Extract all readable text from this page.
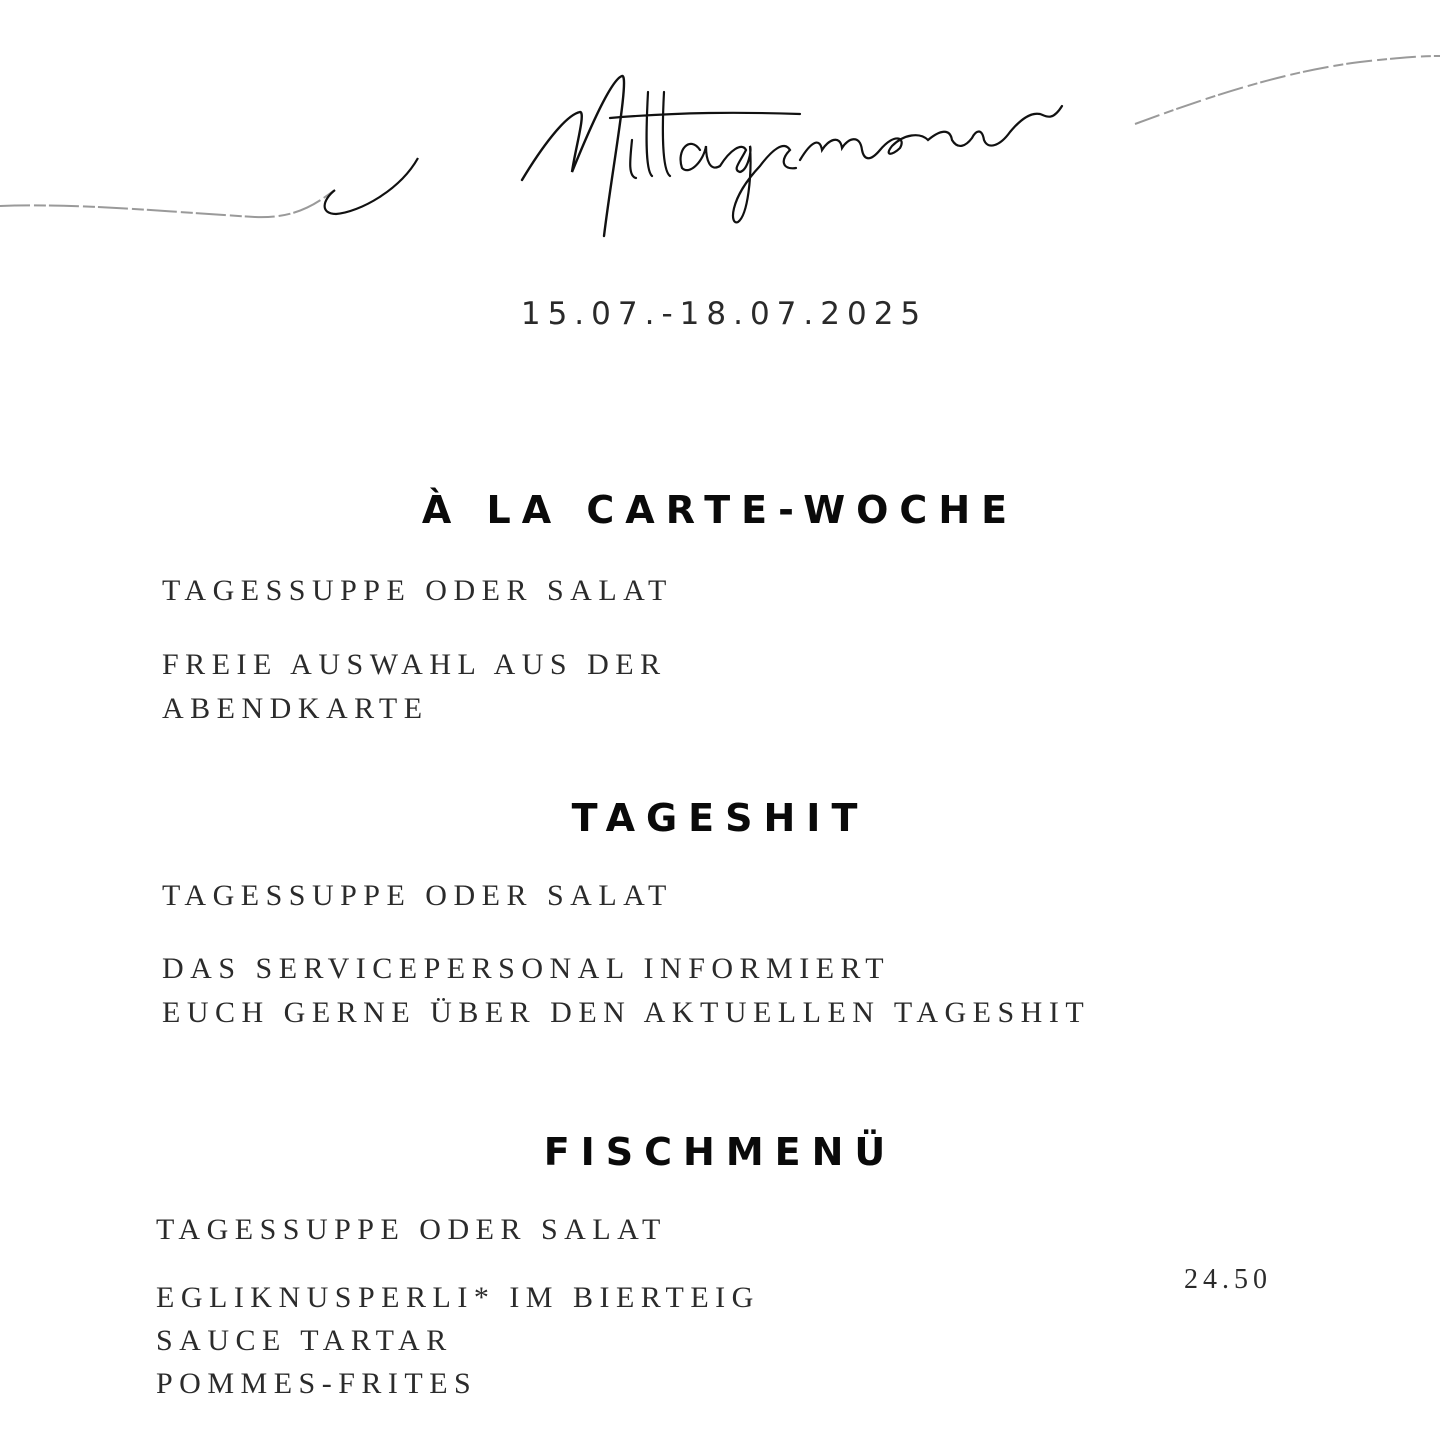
15.07.-18.07.2025
À LA CARTE-WOCHE
TAGESSUPPE ODER SALAT
FREIE AUSWAHL AUS DER
ABENDKARTE
TAGESHIT
TAGESSUPPE ODER SALAT
DAS SERVICEPERSONAL INFORMIERT
EUCH GERNE ÜBER DEN AKTUELLEN TAGESHIT
FISCHMENÜ
TAGESSUPPE ODER SALAT
EGLIKNUSPERLI* IM BIERTEIG
SAUCE TARTAR
POMMES-FRITES
24.50
